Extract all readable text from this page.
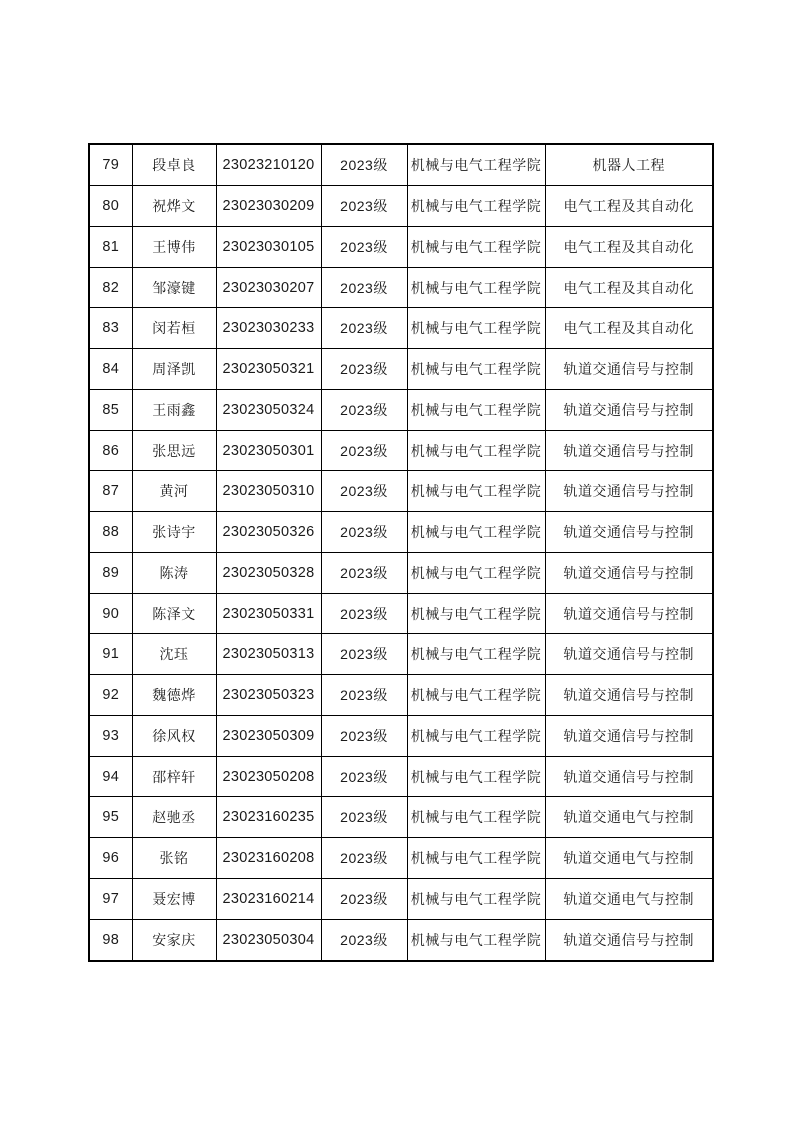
79	段卓良	23023210120	2023级	机械与电气工程学院	机器人工程
80	祝烨文	23023030209	2023级	机械与电气工程学院	电气工程及其自动化
81	王博伟	23023030105	2023级	机械与电气工程学院	电气工程及其自动化
82	邹濠键	23023030207	2023级	机械与电气工程学院	电气工程及其自动化
83	闵若桓	23023030233	2023级	机械与电气工程学院	电气工程及其自动化
84	周泽凯	23023050321	2023级	机械与电气工程学院	轨道交通信号与控制
85	王雨鑫	23023050324	2023级	机械与电气工程学院	轨道交通信号与控制
86	张思远	23023050301	2023级	机械与电气工程学院	轨道交通信号与控制
87	黄河	23023050310	2023级	机械与电气工程学院	轨道交通信号与控制
88	张诗宇	23023050326	2023级	机械与电气工程学院	轨道交通信号与控制
89	陈涛	23023050328	2023级	机械与电气工程学院	轨道交通信号与控制
90	陈泽文	23023050331	2023级	机械与电气工程学院	轨道交通信号与控制
91	沈珏	23023050313	2023级	机械与电气工程学院	轨道交通信号与控制
92	魏德烨	23023050323	2023级	机械与电气工程学院	轨道交通信号与控制
93	徐风权	23023050309	2023级	机械与电气工程学院	轨道交通信号与控制
94	邵梓轩	23023050208	2023级	机械与电气工程学院	轨道交通信号与控制
95	赵驰丞	23023160235	2023级	机械与电气工程学院	轨道交通电气与控制
96	张铭	23023160208	2023级	机械与电气工程学院	轨道交通电气与控制
97	聂宏博	23023160214	2023级	机械与电气工程学院	轨道交通电气与控制
98	安家庆	23023050304	2023级	机械与电气工程学院	轨道交通信号与控制
